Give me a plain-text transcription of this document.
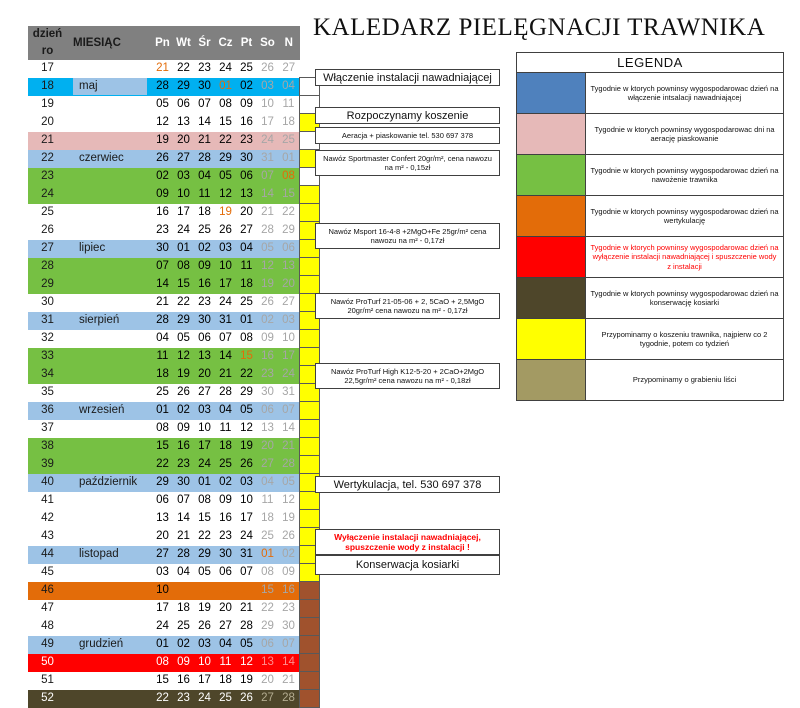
KALEDARZ PIELĘGNACJI TRAWNIKA
dzień ro	MIESIĄC		Pn	Wt	Śr	Cz	Pt	So	N	
17			21	22	23	24	25	26	27	
18	maj		28	29	30	01	02	03	04	
19			05	06	07	08	09	10	11	
20			12	13	14	15	16	17	18	
21			19	20	21	22	23	24	25	
22	czerwiec		26	27	28	29	30	31	01	
23			02	03	04	05	06	07	08	
24			09	10	11	12	13	14	15	
25			16	17	18	19	20	21	22	
26			23	24	25	26	27	28	29	
27	lipiec		30	01	02	03	04	05	06	
28			07	08	09	10	11	12	13	
29			14	15	16	17	18	19	20	
30			21	22	23	24	25	26	27	
31	sierpień		28	29	30	31	01	02	03	
32			04	05	06	07	08	09	10	
33			11	12	13	14	15	16	17	
34			18	19	20	21	22	23	24	
35			25	26	27	28	29	30	31	
36	wrzesień		01	02	03	04	05	06	07	
37			08	09	10	11	12	13	14	
38			15	16	17	18	19	20	21	
39			22	23	24	25	26	27	28	
40	październik		29	30	01	02	03	04	05	
41			06	07	08	09	10	11	12	
42			13	14	15	16	17	18	19	
43			20	21	22	23	24	25	26	
44	listopad		27	28	29	30	31	01	02	
45			03	04	05	06	07	08	09	
46			10		12	13	14	15	16	
47			17	18	19	20	21	22	23	
48			24	25	26	27	28	29	30	
49	grudzień		01	02	03	04	05	06	07	
50			08	09	10	11	12	13	14	
51			15	16	17	18	19	20	21	
52			22	23	24	25	26	27	28	
Włączenie instalacji nawadniającej
Rozpoczynamy koszenie
Aeracja + piaskowanie tel. 530 697 378
Nawóz Sportmaster Confert 20gr/m², cena nawozu na m² - 0,15zł
Nawóz Msport 16-4-8 +2MgO+Fe 25gr/m² cena nawozu na m² - 0,17zł
Nawóz ProTurf 21-05-06 + 2, 5CaO + 2,5MgO 20gr/m² cena nawozu na m² - 0,17zł
Nawóz ProTurf High K12-5-20 + 2CaO+2MgO 22,5gr/m² cena nawozu na m² - 0,18zł
Wertykulacja, tel. 530 697 378
Wyłączenie instalacji nawadniającej, spuszczenie wody z instalacji !
Konserwacja kosiarki
LEGENDA
Tygodnie w ktorych powninsy wygospodarowac dzień na włączenie intsalacji nawadniającej
Tygodnie w ktorych powninsy wygospodarowac dni na aerację piaskowanie
Tygodnie w ktorych powninsy wygospodarowac dzień na nawożenie trawnika
Tygodnie w ktorych powninsy wygospodarowac dzień na wertykulację
Tygodnie w ktorych powninsy wygospodarowac dzień na wyłączenie instalacji nawadniającej i spuszczenie wody z instalacji
Tygodnie w ktorych powninsy wygospodarowac dzień na konserwację kosiarki
Przypominamy o koszeniu trawnika, najpierw co 2 tygodnie, potem co tydzień
Przypominamy o grabieniu liści
